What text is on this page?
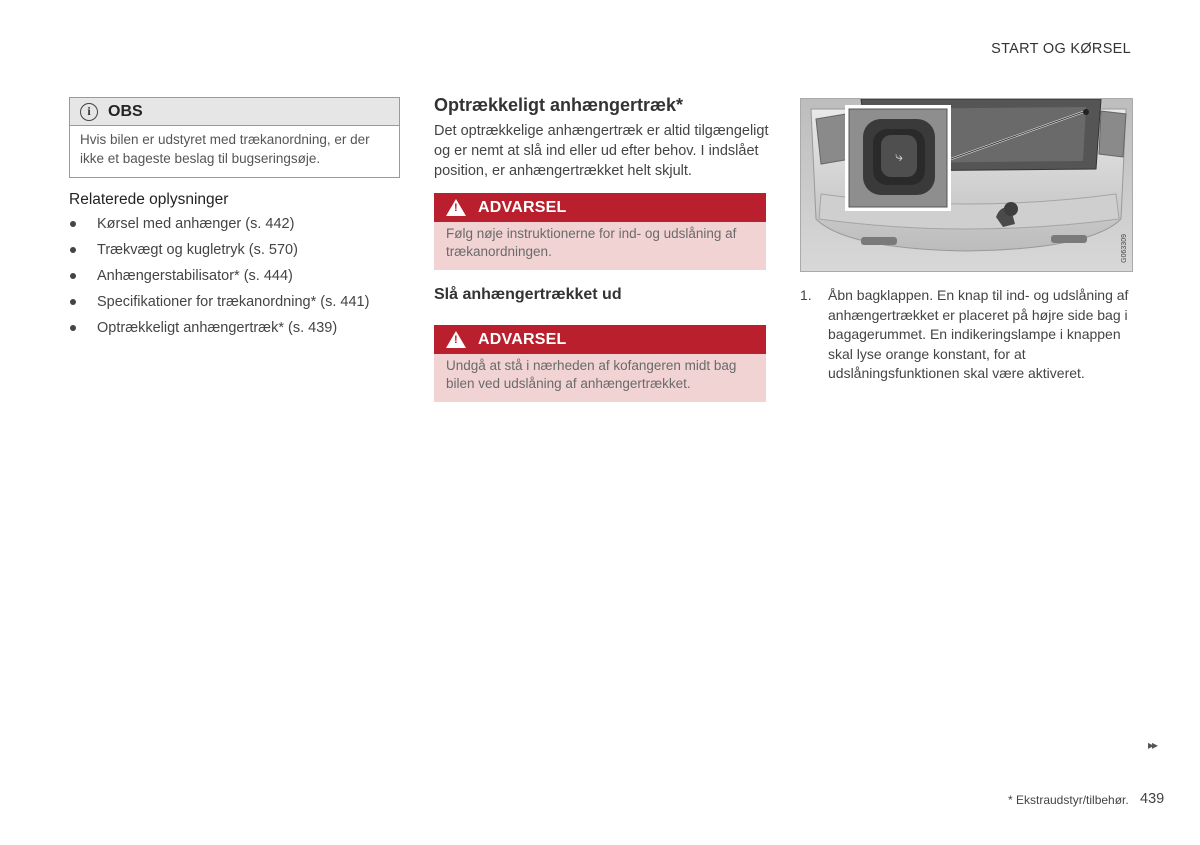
START OG KØRSEL
i	OBS
Hvis bilen er udstyret med trækanordning, er der ikke et bageste beslag til bugseringsøje.
Relaterede oplysninger
Kørsel med anhænger (s. 442)
Trækvægt og kugletryk (s. 570)
Anhængerstabilisator* (s. 444)
Specifikationer for trækanordning* (s. 441)
Optrækkeligt anhængertræk* (s. 439)
Optrækkeligt anhængertræk*
Det optrækkelige anhængertræk er altid tilgængeligt og er nemt at slå ind eller ud efter behov. I indslået position, er anhængertrækket helt skjult.
! ADVARSEL
Følg nøje instruktionerne for ind- og udslåning af trækanordningen.
Slå anhængertrækket ud
! ADVARSEL
Undgå at stå i nærheden af kofangeren midt bag bilen ved udslåning af anhængertrækket.
⤷
G063309
1.	Åbn bagklappen. En knap til ind- og udslåning af anhængertrækket er placeret på højre side bag i bagagerummet. En indikeringslampe i knappen skal lyse orange konstant, for at udslåningsfunktionen skal være aktiveret.
▸▸
* Ekstraudstyr/tilbehør. 439
